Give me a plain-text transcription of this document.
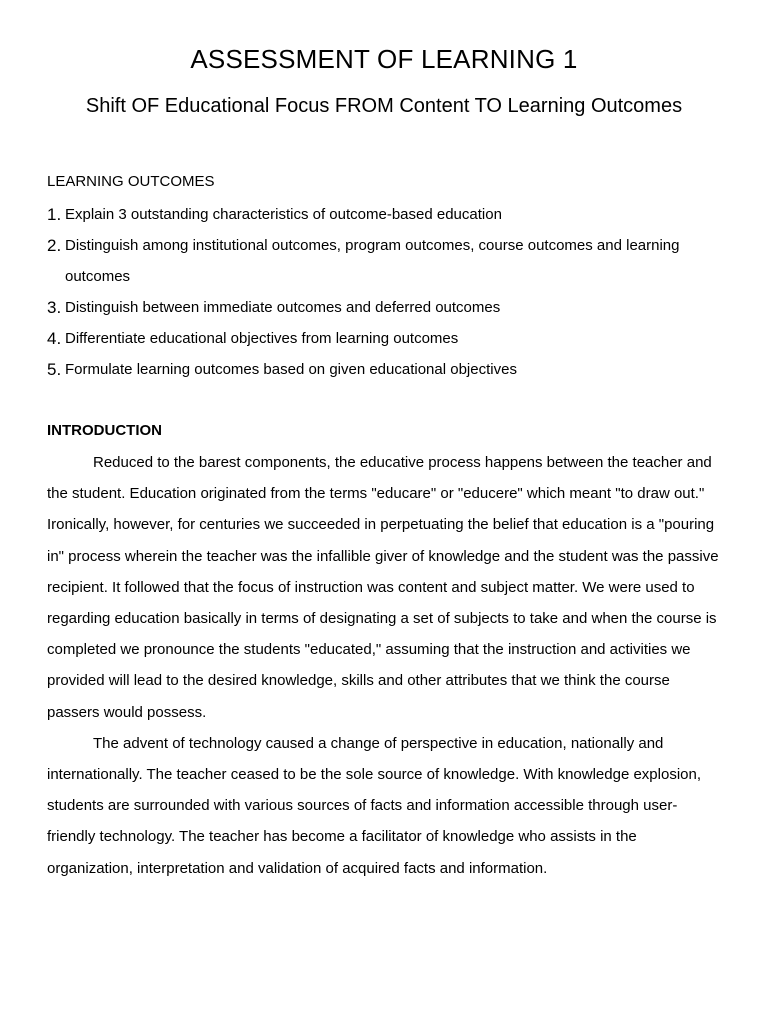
ASSESSMENT OF LEARNING 1
Shift OF Educational Focus FROM Content TO Learning Outcomes
LEARNING OUTCOMES
1. Explain 3 outstanding characteristics of outcome-based education
2. Distinguish among institutional outcomes, program outcomes, course outcomes and learning outcomes
3. Distinguish between immediate outcomes and deferred outcomes
4. Differentiate educational objectives from learning outcomes
5. Formulate learning outcomes based on given educational objectives
INTRODUCTION

Reduced to the barest components, the educative process happens between the teacher and the student. Education originated from the terms "educare" or "educere" which meant "to draw out." Ironically, however, for centuries we succeeded in perpetuating the belief that education is a "pouring in" process wherein the teacher was the infallible giver of knowledge and the student was the passive recipient. It followed that the focus of instruction was content and subject matter. We were used to regarding education basically in terms of designating a set of subjects to take and when the course is completed we pronounce the students "educated," assuming that the instruction and activities we provided will lead to the desired knowledge, skills and other attributes that we think the course passers would possess.

The advent of technology caused a change of perspective in education, nationally and internationally. The teacher ceased to be the sole source of knowledge. With knowledge explosion, students are surrounded with various sources of facts and information accessible through user-friendly technology. The teacher has become a facilitator of knowledge who assists in the organization, interpretation and validation of acquired facts and information.
